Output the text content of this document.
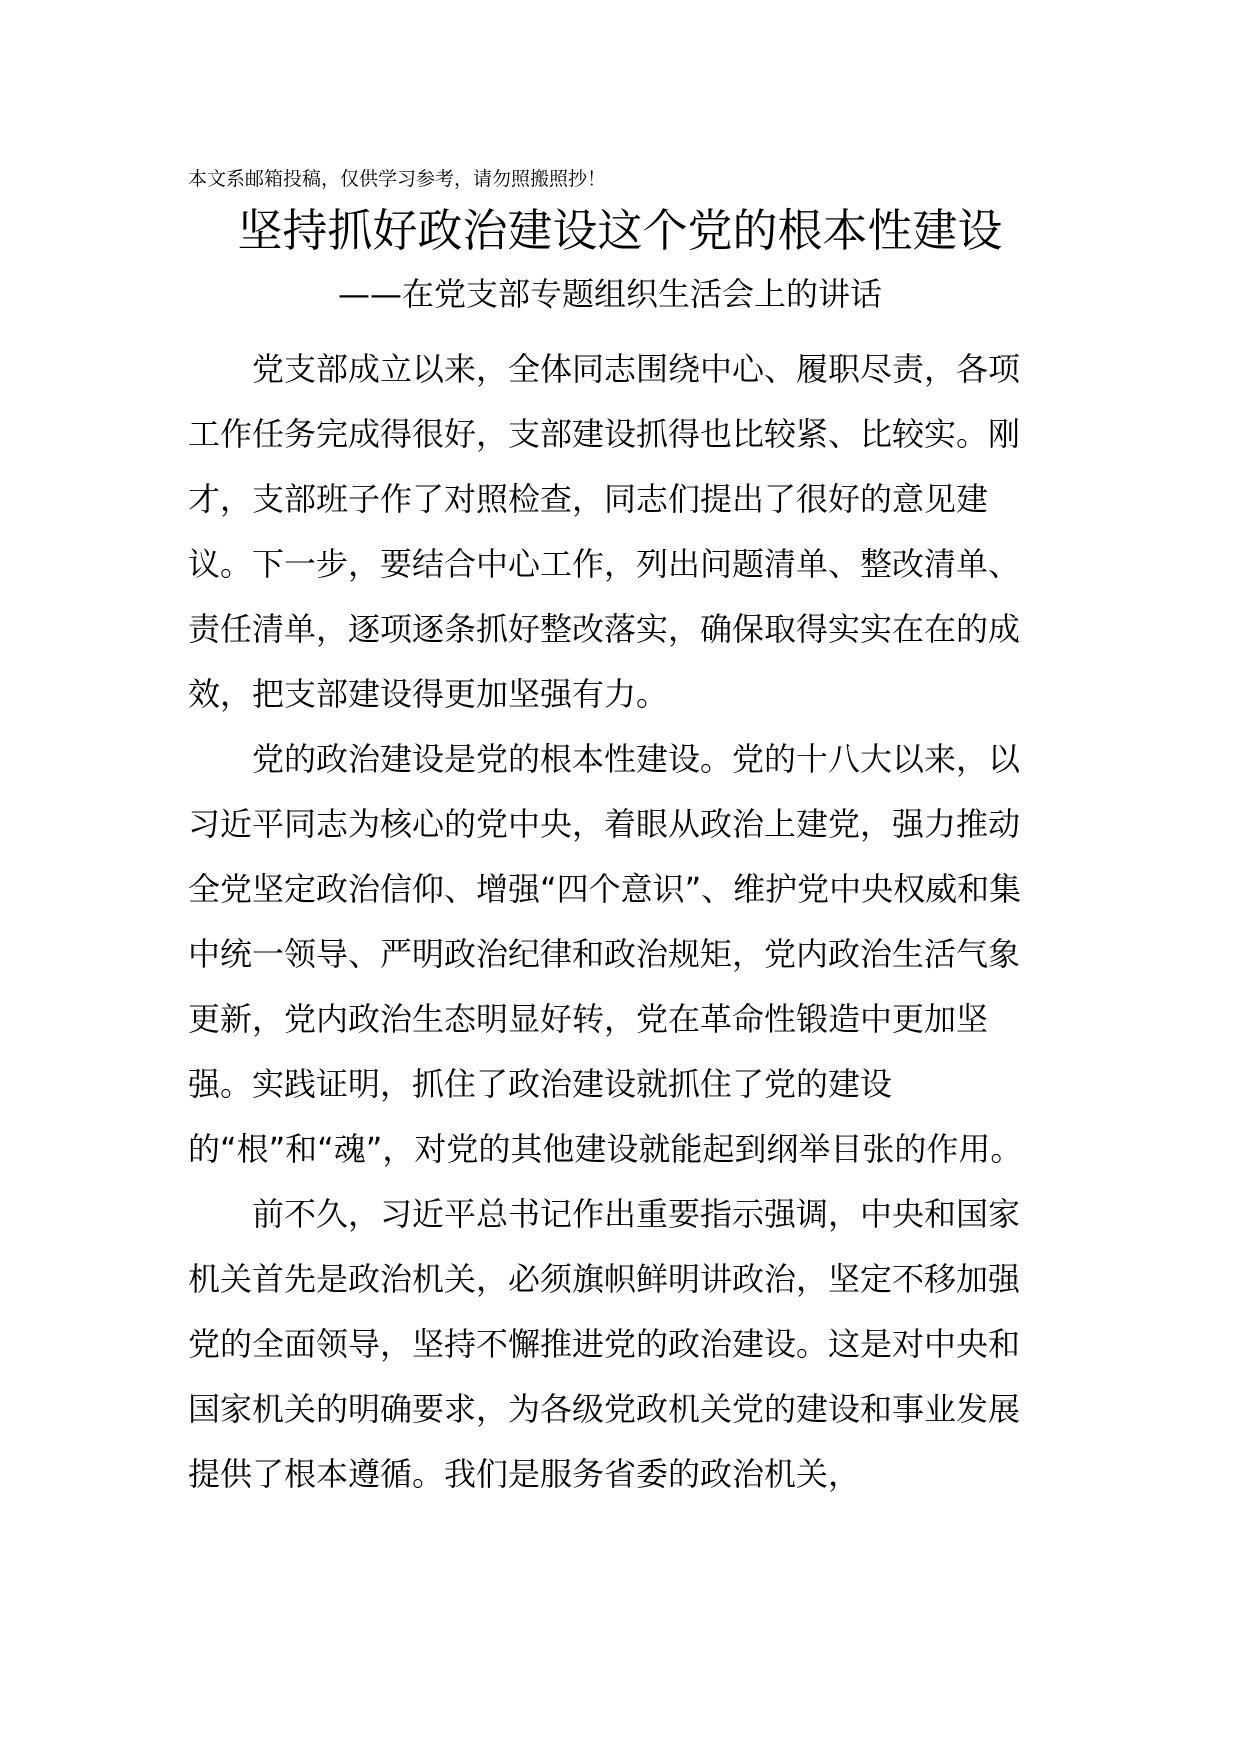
本文系邮箱投稿，仅供学习参考，请勿照搬照抄！
坚持抓好政治建设这个党的根本性建设
——在党支部专题组织生活会上的讲话

党支部成立以来，全体同志围绕中心、履职尽责，各项工作任务完成得很好，支部建设抓得也比较紧、比较实。刚才，支部班子作了对照检查，同志们提出了很好的意见建议。下一步，要结合中心工作，列出问题清单、整改清单、责任清单，逐项逐条抓好整改落实，确保取得实实在在的成效，把支部建设得更加坚强有力。

党的政治建设是党的根本性建设。党的十八大以来，以习近平同志为核心的党中央，着眼从政治上建党，强力推动全党坚定政治信仰、增强“四个意识”、维护党中央权威和集中统一领导、严明政治纪律和政治规矩，党内政治生活气象更新，党内政治生态明显好转，党在革命性锻造中更加坚强。实践证明，抓住了政治建设就抓住了党的建设的“根”和“魂”，对党的其他建设就能起到纲举目张的作用。

前不久，习近平总书记作出重要指示强调，中央和国家机关首先是政治机关，必须旗帜鲜明讲政治，坚定不移加强党的全面领导，坚持不懈推进党的政治建设。这是对中央和国家机关的明确要求，为各级党政机关党的建设和事业发展提供了根本遵循。我们是服务省委的政治机关，
